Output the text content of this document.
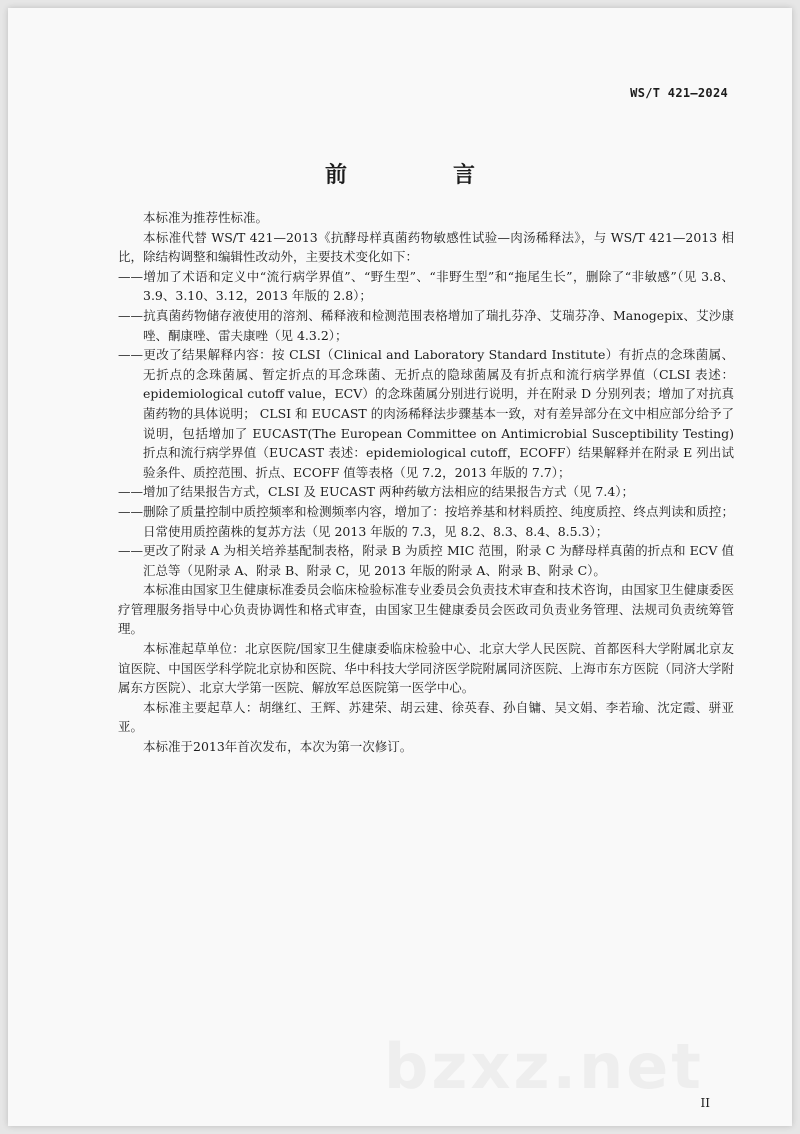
WS/T 421—2024
前　言

本标准为推荐性标准。

本标准代替 WS/T 421—2013《抗酵母样真菌药物敏感性试验—肉汤稀释法》，与 WS/T 421—2013 相比，除结构调整和编辑性改动外，主要技术变化如下：

——增加了术语和定义中“流行病学界值”、“野生型”、“非野生型”和“拖尾生长”，删除了“非敏感”（见 3.8、3.9、3.10、3.12，2013 年版的 2.8）；

——抗真菌药物储存液使用的溶剂、稀释液和检测范围表格增加了瑞扎芬净、艾瑞芬净、Manogepix、艾沙康唑、酮康唑、雷夫康唑（见 4.3.2）；

——更改了结果解释内容：按 CLSI（Clinical and Laboratory Standard Institute）有折点的念珠菌属、无折点的念珠菌属、暂定折点的耳念珠菌、无折点的隐球菌属及有折点和流行病学界值（CLSI 表述：epidemiological cutoff value，ECV）的念珠菌属分别进行说明，并在附录 D 分别列表；增加了对抗真菌药物的具体说明； CLSI 和 EUCAST 的肉汤稀释法步骤基本一致，对有差异部分在文中相应部分给予了说明，包括增加了 EUCAST(The European Committee on Antimicrobial Susceptibility Testing) 折点和流行病学界值（EUCAST 表述：epidemiological cutoff，ECOFF）结果解释并在附录 E 列出试验条件、质控范围、折点、ECOFF 值等表格（见 7.2，2013 年版的 7.7）；

——增加了结果报告方式，CLSI 及 EUCAST 两种药敏方法相应的结果报告方式（见 7.4）；

——删除了质量控制中质控频率和检测频率内容，增加了：按培养基和材料质控、纯度质控、终点判读和质控；日常使用质控菌株的复苏方法（见 2013 年版的 7.3，见 8.2、8.3、8.4、8.5.3）；

——更改了附录 A 为相关培养基配制表格，附录 B 为质控 MIC 范围，附录 C 为酵母样真菌的折点和 ECV 值汇总等（见附录 A、附录 B、附录 C，见 2013 年版的附录 A、附录 B、附录 C）。

本标准由国家卫生健康标准委员会临床检验标准专业委员会负责技术审查和技术咨询，由国家卫生健康委医疗管理服务指导中心负责协调性和格式审查，由国家卫生健康委员会医政司负责业务管理、法规司负责统筹管理。

本标准起草单位：北京医院/国家卫生健康委临床检验中心、北京大学人民医院、首都医科大学附属北京友谊医院、中国医学科学院北京协和医院、华中科技大学同济医学院附属同济医院、上海市东方医院（同济大学附属东方医院）、北京大学第一医院、解放军总医院第一医学中心。

本标准主要起草人：胡继红、王辉、苏建荣、胡云建、徐英春、孙自镛、吴文娟、李若瑜、沈定霞、骈亚亚。

本标准于2013年首次发布，本次为第一次修订。

bzxz.net
II
